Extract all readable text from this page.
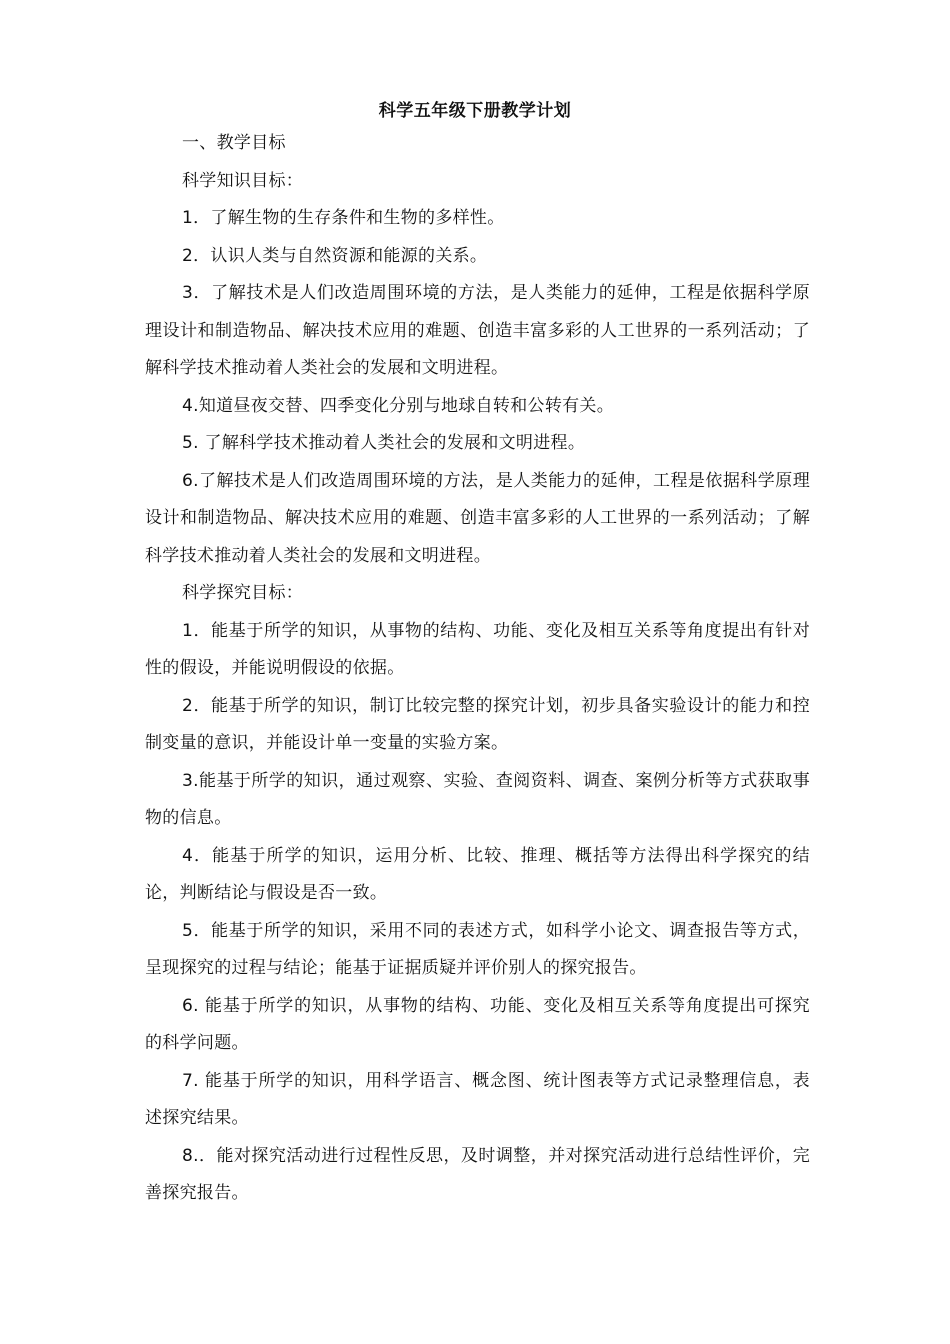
科学五年级下册教学计划

一、教学目标

科学知识目标：

1．了解生物的生存条件和生物的多样性。

2．认识人类与自然资源和能源的关系。

3．了解技术是人们改造周围环境的方法，是人类能力的延伸，工程是依据科学原理设计和制造物品、解决技术应用的难题、创造丰富多彩的人工世界的一系列活动；了解科学技术推动着人类社会的发展和文明进程。

4.知道昼夜交替、四季变化分别与地球自转和公转有关。

5. 了解科学技术推动着人类社会的发展和文明进程。

6.了解技术是人们改造周围环境的方法，是人类能力的延伸，工程是依据科学原理设计和制造物品、解决技术应用的难题、创造丰富多彩的人工世界的一系列活动；了解科学技术推动着人类社会的发展和文明进程。

科学探究目标：

1．能基于所学的知识，从事物的结构、功能、变化及相互关系等角度提出有针对性的假设，并能说明假设的依据。

2．能基于所学的知识，制订比较完整的探究计划，初步具备实验设计的能力和控制变量的意识，并能设计单一变量的实验方案。

3.能基于所学的知识，通过观察、实验、查阅资料、调查、案例分析等方式获取事物的信息。

4．能基于所学的知识，运用分析、比较、推理、概括等方法得出科学探究的结论，判断结论与假设是否一致。

5．能基于所学的知识，采用不同的表述方式，如科学小论文、调查报告等方式，呈现探究的过程与结论；能基于证据质疑并评价别人的探究报告。

6. 能基于所学的知识，从事物的结构、功能、变化及相互关系等角度提出可探究的科学问题。

7. 能基于所学的知识，用科学语言、概念图、统计图表等方式记录整理信息，表述探究结果。

8.．能对探究活动进行过程性反思，及时调整，并对探究活动进行总结性评价，完善探究报告。
